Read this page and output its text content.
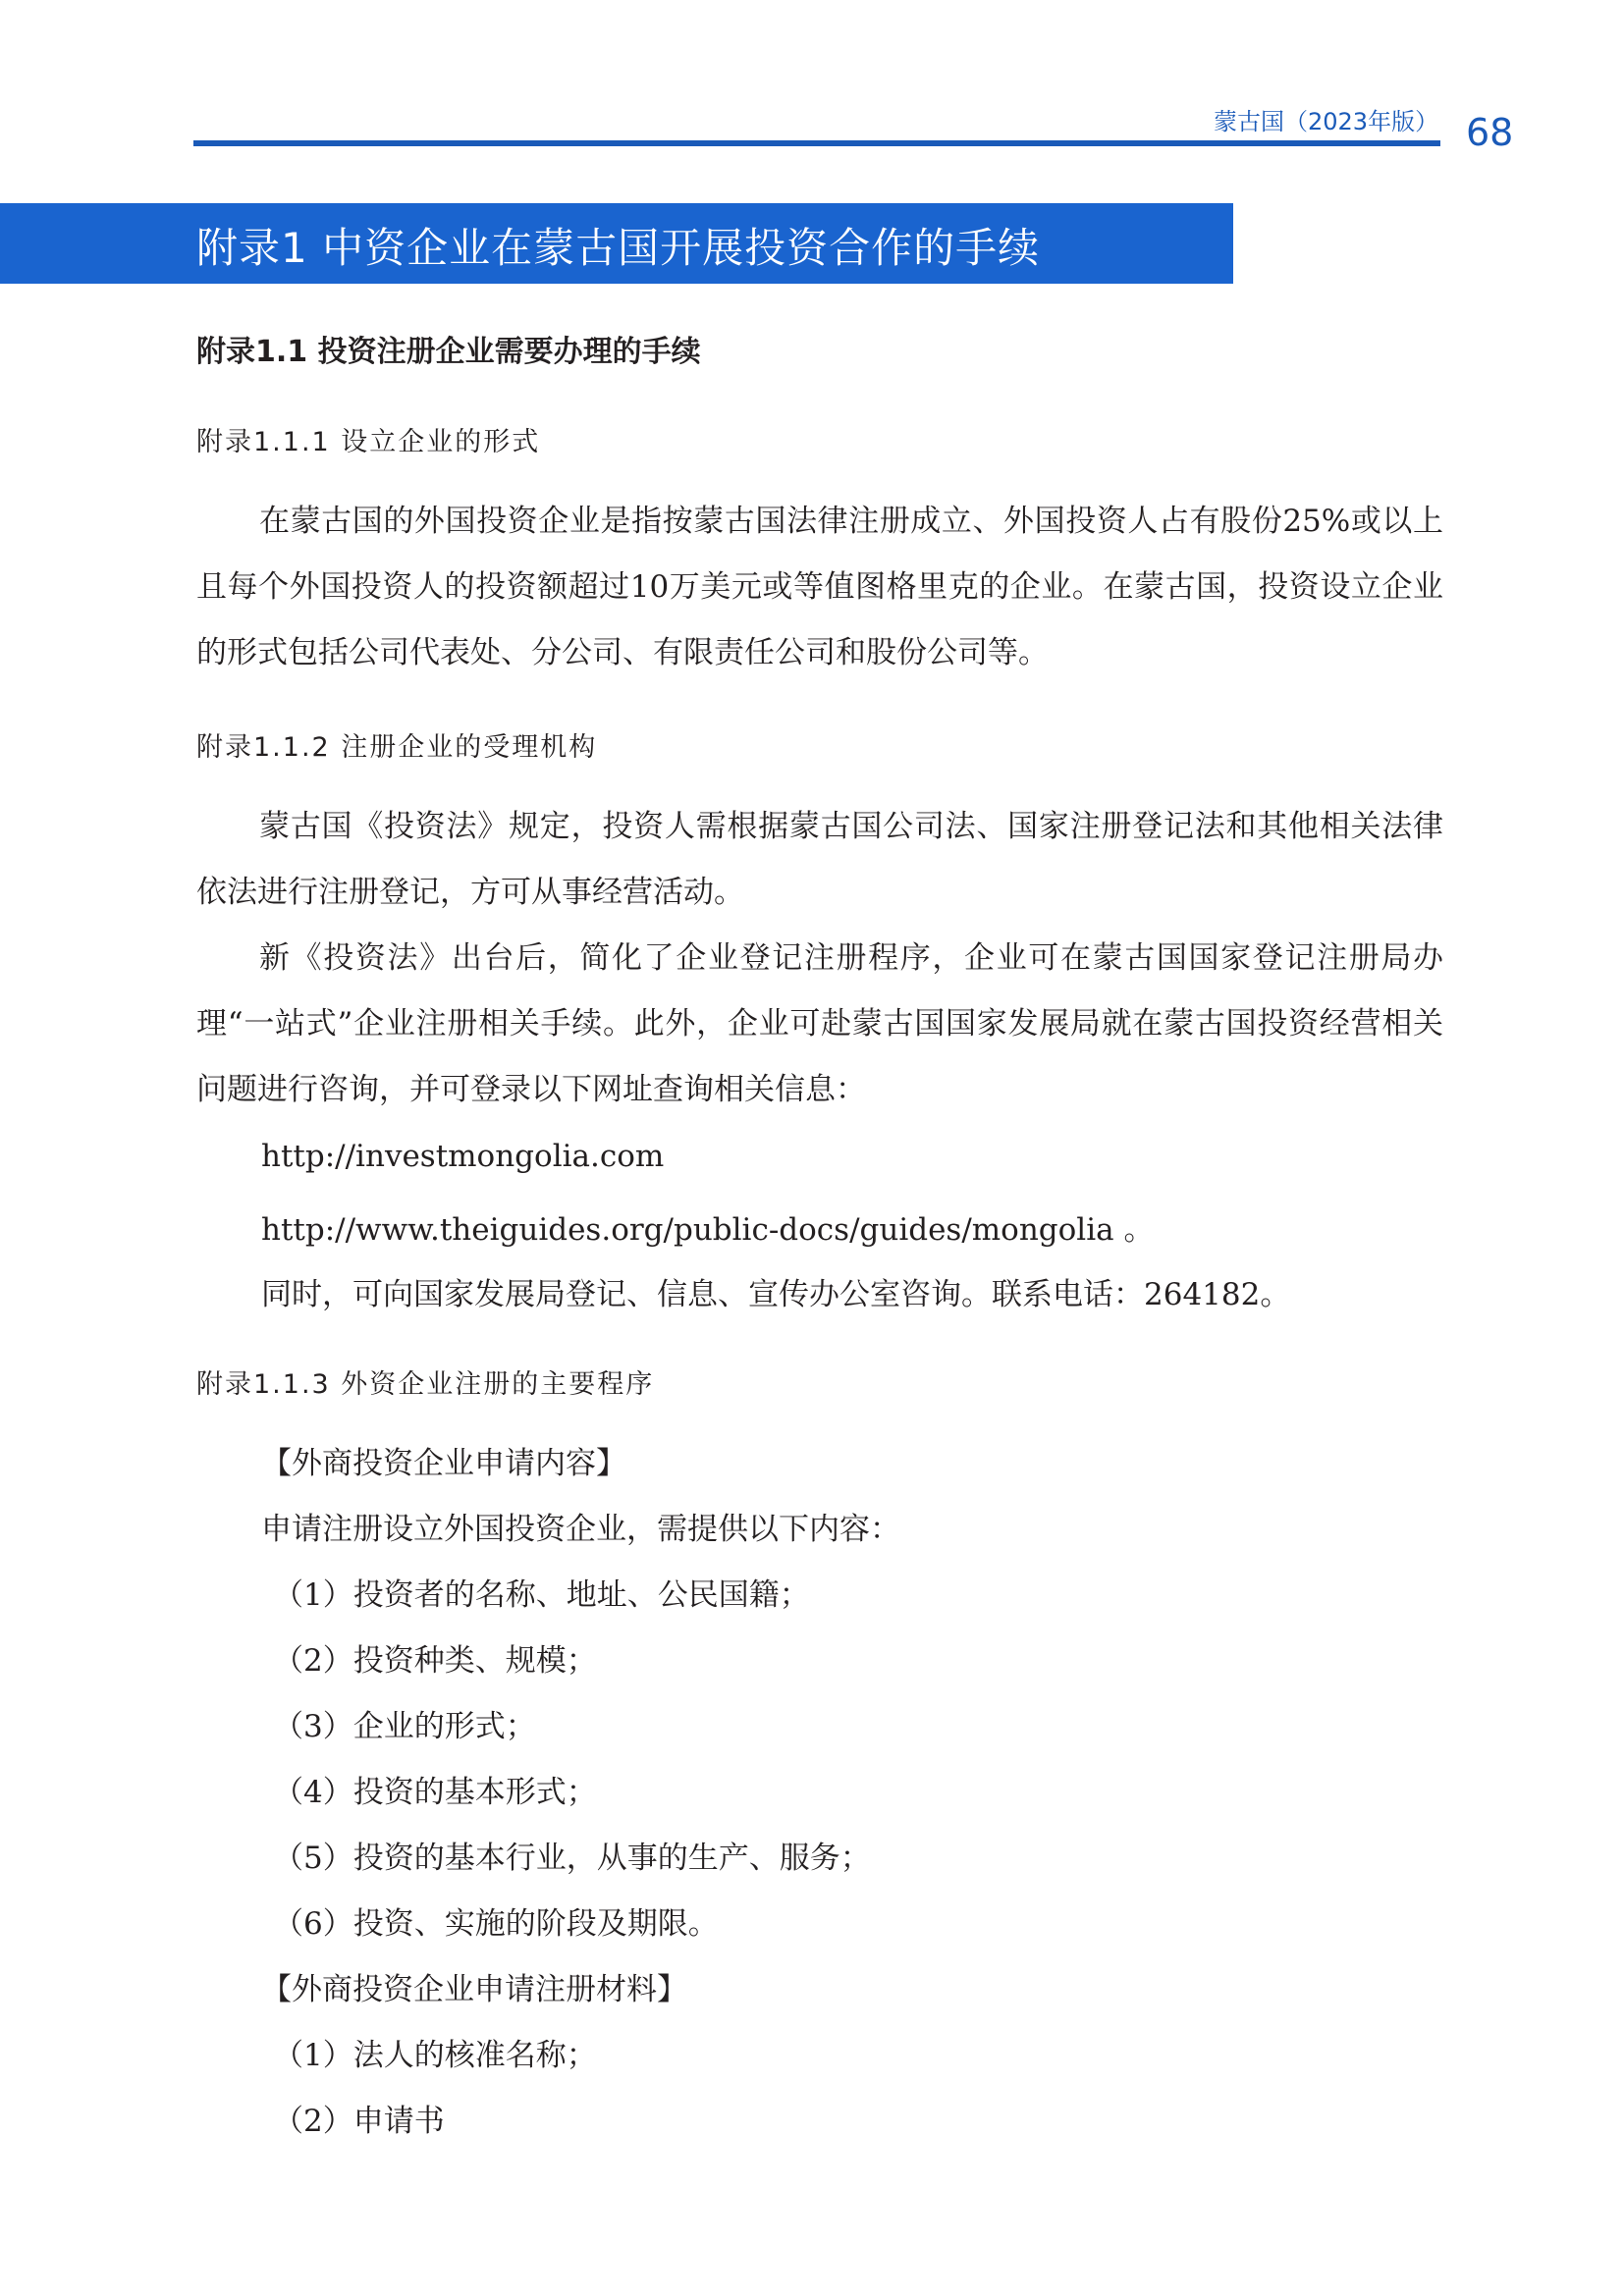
蒙古国（2023年版） 68
附录1 中资企业在蒙古国开展投资合作的手续
附录1.1 投资注册企业需要办理的手续
附录1.1.1 设立企业的形式

在蒙古国的外国投资企业是指按蒙古国法律注册成立、外国投资人占有股份25%或以上且每个外国投资人的投资额超过10万美元或等值图格里克的企业。在蒙古国，投资设立企业的形式包括公司代表处、分公司、有限责任公司和股份公司等。

附录1.1.2 注册企业的受理机构

蒙古国《投资法》规定，投资人需根据蒙古国公司法、国家注册登记法和其他相关法律依法进行注册登记，方可从事经营活动。

新《投资法》出台后，简化了企业登记注册程序，企业可在蒙古国国家登记注册局办理“一站式”企业注册相关手续。此外，企业可赴蒙古国国家发展局就在蒙古国投资经营相关问题进行咨询，并可登录以下网址查询相关信息：

http://investmongolia.com

http://www.theiguides.org/public-docs/guides/mongolia 。

同时，可向国家发展局登记、信息、宣传办公室咨询。联系电话：264182。

附录1.1.3 外资企业注册的主要程序

【外商投资企业申请内容】

申请注册设立外国投资企业，需提供以下内容：

（1）投资者的名称、地址、公民国籍；

（2）投资种类、规模；

（3）企业的形式；

（4）投资的基本形式；

（5）投资的基本行业，从事的生产、服务；

（6）投资、实施的阶段及期限。

【外商投资企业申请注册材料】

（1）法人的核准名称；

（2）申请书
